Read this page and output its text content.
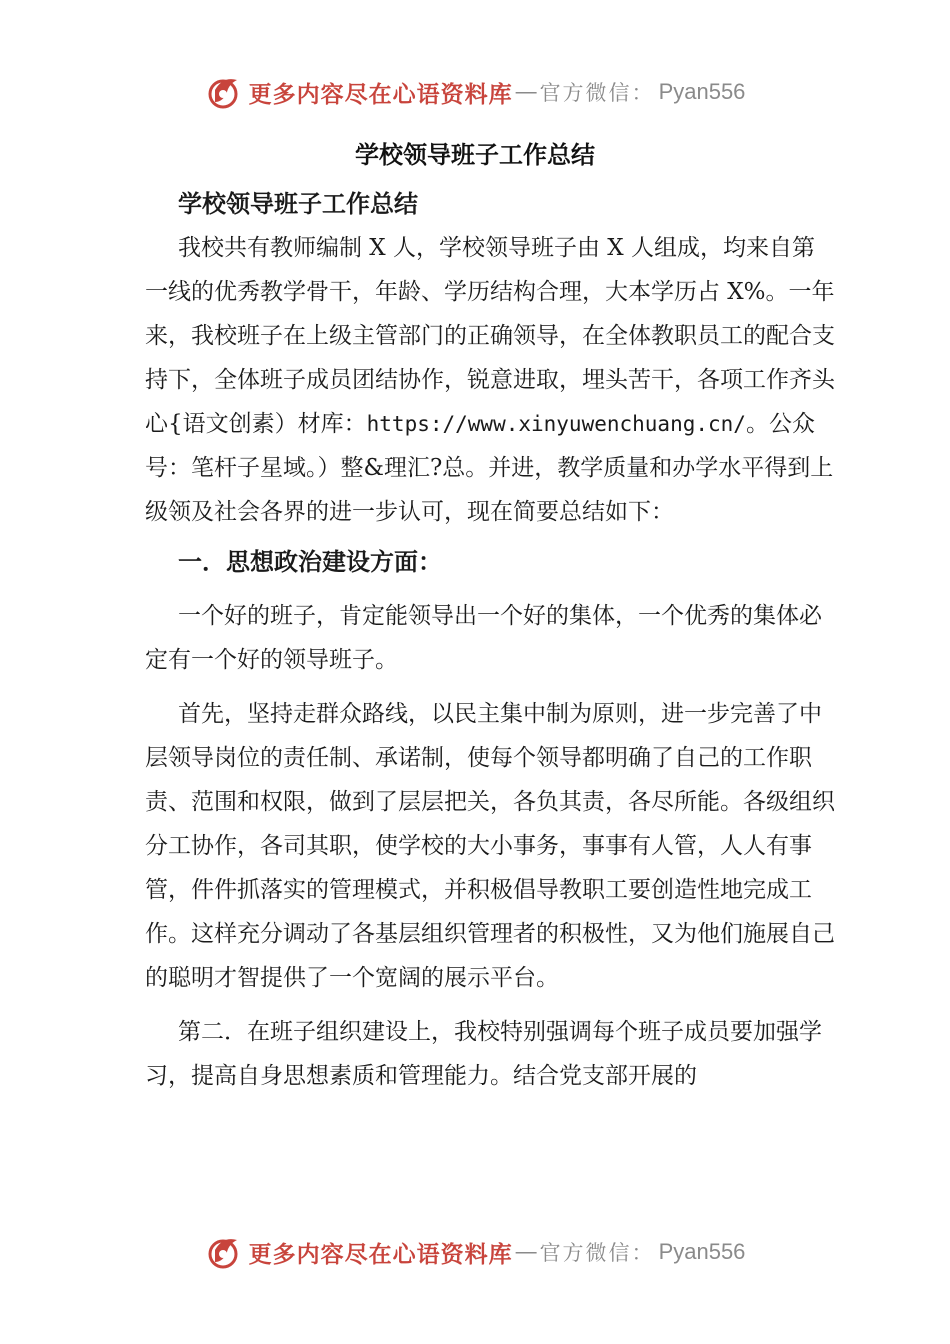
更多内容尽在心语资料库 — 官方微信： Pyan556
学校领导班子工作总结
学校领导班子工作总结

我校共有教师编制 X 人，学校领导班子由 X 人组成，均来自第一线的优秀教学骨干，年龄、学历结构合理，大本学历占 X%。一年来，我校班子在上级主管部门的正确领导，在全体教职员工的配合支持下，全体班子成员团结协作，锐意进取，埋头苦干，各项工作齐头心{语文创素）材库：https://www.xinyuwenchuang.cn/。公众号：笔杆子星域。）整&理汇?总。并进，教学质量和办学水平得到上级领及社会各界的进一步认可，现在简要总结如下：

一．思想政治建设方面：

一个好的班子，肯定能领导出一个好的集体，一个优秀的集体必定有一个好的领导班子。

首先，坚持走群众路线，以民主集中制为原则，进一步完善了中层领导岗位的责任制、承诺制，使每个领导都明确了自己的工作职责、范围和权限，做到了层层把关，各负其责，各尽所能。各级组织分工协作，各司其职，使学校的大小事务，事事有人管，人人有事管，件件抓落实的管理模式，并积极倡导教职工要创造性地完成工作。这样充分调动了各基层组织管理者的积极性，又为他们施展自己的聪明才智提供了一个宽阔的展示平台。

第二．在班子组织建设上，我校特别强调每个班子成员要加强学习，提高自身思想素质和管理能力。结合党支部开展的

更多内容尽在心语资料库 — 官方微信： Pyan556
